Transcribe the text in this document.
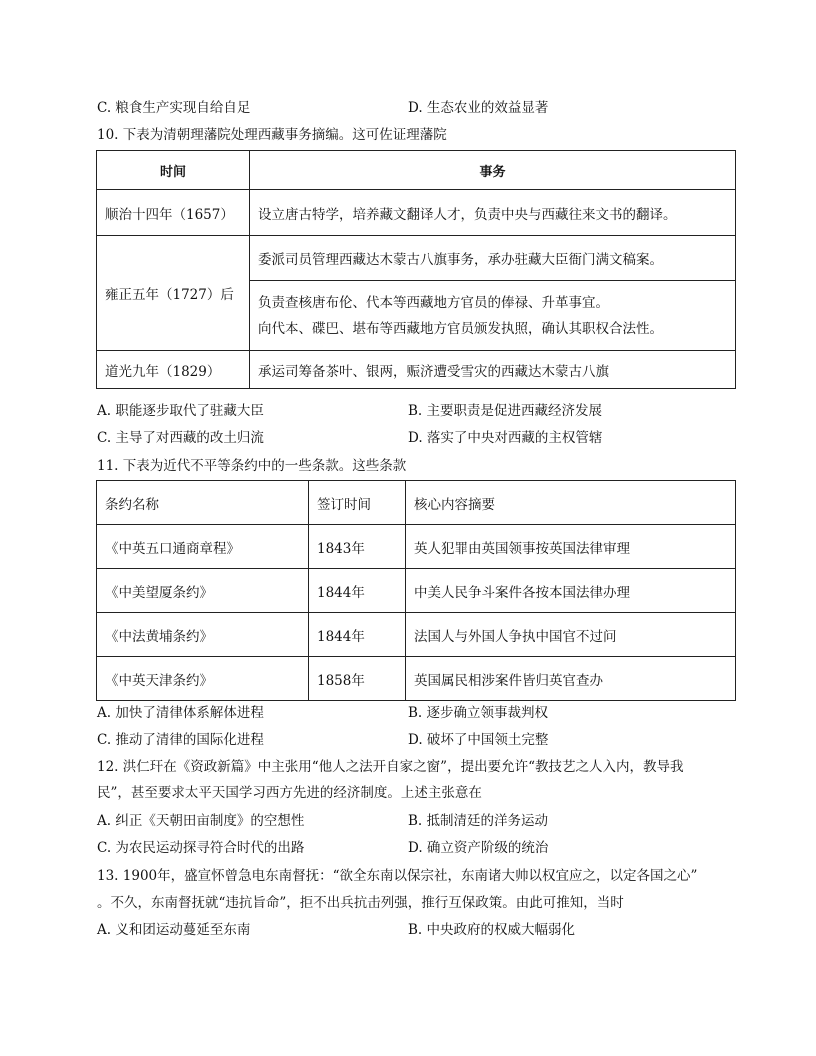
C. 粮食生产实现自给自足	D. 生态农业的效益显著
10. 下表为清朝理藩院处理西藏事务摘编。这可佐证理藩院
时间	事务
顺治十四年（1657）	设立唐古特学，培养藏文翻译人才，负责中央与西藏往来文书的翻译。
雍正五年（1727）后	委派司员管理西藏达木蒙古八旗事务，承办驻藏大臣衙门满文稿案。

	负责查核唐布伦、代本等西藏地方官员的俸禄、升革事宜。
向代本、碟巴、堪布等西藏地方官员颁发执照，确认其职权合法性。

道光九年（1829）	承运司筹备茶叶、银两，赈济遭受雪灾的西藏达木蒙古八旗
A. 职能逐步取代了驻藏大臣	B. 主要职责是促进西藏经济发展
C. 主导了对西藏的改土归流	D. 落实了中央对西藏的主权管辖
11. 下表为近代不平等条约中的一些条款。这些条款
条约名称	签订时间	核心内容摘要
《中英五口通商章程》	1843年	英人犯罪由英国领事按英国法律审理
《中美望厦条约》	1844年	中美人民争斗案件各按本国法律办理
《中法黄埔条约》	1844年	法国人与外国人争执中国官不过问
《中英天津条约》	1858年	英国属民相涉案件皆归英官查办
A. 加快了清律体系解体进程	B. 逐步确立领事裁判权
C. 推动了清律的国际化进程	D. 破坏了中国领土完整
12. 洪仁玕在《资政新篇》中主张用“他人之法开自家之窗”，提出要允许“教技艺之人入内，教导我
民”，甚至要求太平天国学习西方先进的经济制度。上述主张意在
A. 纠正《天朝田亩制度》的空想性	B. 抵制清廷的洋务运动
C. 为农民运动探寻符合时代的出路	D. 确立资产阶级的统治
13. 1900年，盛宣怀曾急电东南督抚：“欲全东南以保宗社，东南诸大帅以权宜应之，以定各国之心”
。不久，东南督抚就“违抗旨命”，拒不出兵抗击列强，推行互保政策。由此可推知，当时
A. 义和团运动蔓延至东南	B. 中央政府的权威大幅弱化
